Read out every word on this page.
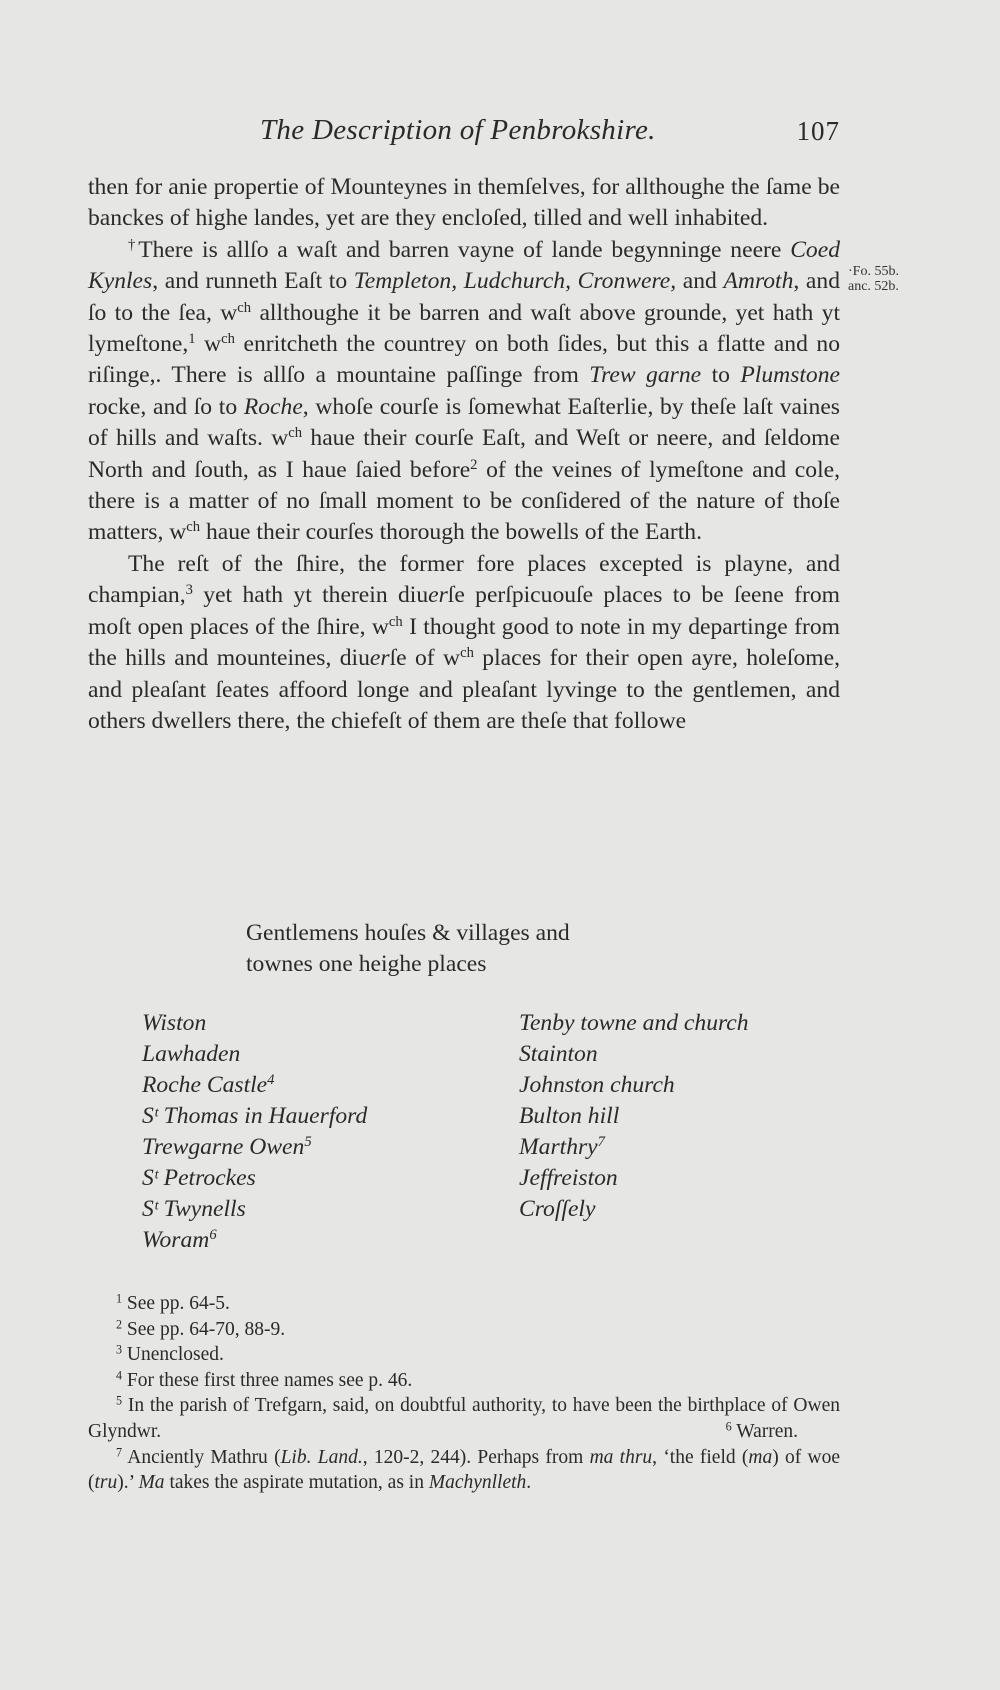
The Description of Penbrokshire.	107
·Fo. 55b.
anc. 52b.

then for anie propertie of Mounteynes in themſelves, for allthoughe the ſame be banckes of highe landes, yet are they encloſed, tilled and well inhabited.

†There is allſo a waſt and barren vayne of lande begynninge neere Coed Kynles, and runneth Eaſt to Templeton, Ludchurch, Cronwere, and Amroth, and ſo to the ſea, $w^{ch}$ allthoughe it be barren and waſt above grounde, yet hath yt lymeſtone,$^1$ $w^{ch}$ enritcheth the countrey on both ſides, but this a flatte and no riſinge,. There is allſo a mountaine paſſinge from Trew garne to Plumstone rocke, and ſo to Roche, whoſe courſe is ſomewhat Eaſterlie, by theſe laſt vaines of hills and waſts. $w^{ch}$ haue their courſe Eaſt, and Weſt or neere, and ſeldome North and ſouth, as I haue ſaied before$^2$ of the veines of lymeſtone and cole, there is a matter of no ſmall moment to be conſidered of the nature of thoſe matters, $w^{ch}$ haue their courſes thorough the bowells of the Earth.

The reſt of the ſhire, the former fore places excepted is playne, and champian,$^3$ yet hath yt therein diuerſe perſpicuouſe places to be ſeene from moſt open places of the ſhire, $w^{ch}$ I thought good to note in my departinge from the hills and mounteines, diuerſe of $w^{ch}$ places for their open ayre, holeſome, and pleaſant ſeates affoord longe and pleaſant lyvinge to the gentlemen, and others dwellers there, the chiefeſt of them are theſe that followe

Gentlemens houſes & villages and
townes one heighe places
Wiston
Lawhaden
Roche Castle$^4$
Sᵗ Thomas in Hauerford
Trewgarne Owen$^5$
Sᵗ Petrockes
Sᵗ Twynells
Woram$^6$
Tenby towne and church
Stainton
Johnston church
Bulton hill
Marthry$^7$
Jeffreiston
Croſſely

$^1$ See pp. 64-5.

$^2$ See pp. 64-70, 88-9.

$^3$ Unenclosed.

$^4$ For these first three names see p. 46.

$^5$ In the parish of Trefgarn, said, on doubtful authority, to have been the birthplace of Owen Glyndwr.	$^6$ Warren.

$^7$ Anciently Mathru (Lib. Land., 120-2, 244). Perhaps from ma thru, ‘the field (ma) of woe (tru).’ Ma takes the aspirate mutation, as in Machynlleth.
